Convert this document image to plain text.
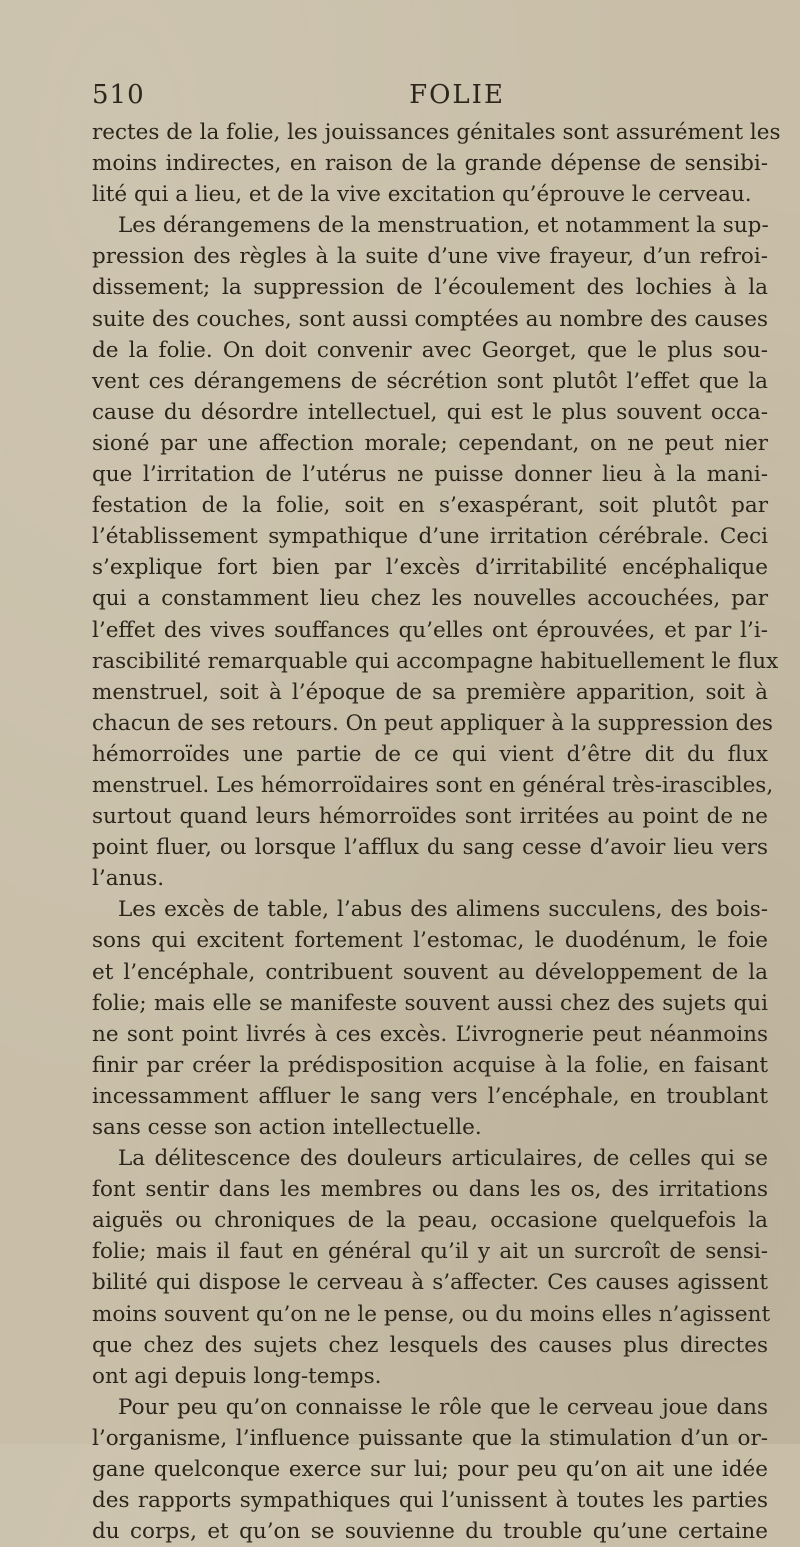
510	FOLIE
rectes de la folie, les jouissances génitales sont assurément les
moins indirectes, en raison de la grande dépense de sensibi-
lité qui a lieu, et de la vive excitation qu’éprouve le cerveau.
Les dérangemens de la menstruation, et notamment la sup-
pression des règles à la suite d’une vive frayeur, d’un refroi-
dissement; la suppression de l’écoulement des lochies à la
suite des couches, sont aussi comptées au nombre des causes
de la folie. On doit convenir avec Georget, que le plus sou-
vent ces dérangemens de sécrétion sont plutôt l’effet que la
cause du désordre intellectuel, qui est le plus souvent occa-
sioné par une affection morale; cependant, on ne peut nier
que l’irritation de l’utérus ne puisse donner lieu à la mani-
festation de la folie, soit en s’exaspérant, soit plutôt par
l’établissement sympathique d’une irritation cérébrale. Ceci
s’explique fort bien par l’excès d’irritabilité encéphalique
qui a constamment lieu chez les nouvelles accouchées, par
l’effet des vives souffances qu’elles ont éprouvées, et par l’i-
rascibilité remarquable qui accompagne habituellement le flux
menstruel, soit à l’époque de sa première apparition, soit à
chacun de ses retours. On peut appliquer à la suppression des
hémorroïdes une partie de ce qui vient d’être dit du flux
menstruel. Les hémorroïdaires sont en général très-irascibles,
surtout quand leurs hémorroïdes sont irritées au point de ne
point fluer, ou lorsque l’afflux du sang cesse d’avoir lieu vers
l’anus.
Les excès de table, l’abus des alimens succulens, des bois-
sons qui excitent fortement l’estomac, le duodénum, le foie
et l’encéphale, contribuent souvent au développement de la
folie; mais elle se manifeste souvent aussi chez des sujets qui
ne sont point livrés à ces excès. L’ivrognerie peut néanmoins
finir par créer la prédisposition acquise à la folie, en faisant
incessamment affluer le sang vers l’encéphale, en troublant
sans cesse son action intellectuelle.
La délitescence des douleurs articulaires, de celles qui se
font sentir dans les membres ou dans les os, des irritations
aiguës ou chroniques de la peau, occasione quelquefois la
folie; mais il faut en général qu’il y ait un surcroît de sensi-
bilité qui dispose le cerveau à s’affecter. Ces causes agissent
moins souvent qu’on ne le pense, ou du moins elles n’agissent
que chez des sujets chez lesquels des causes plus directes
ont agi depuis long-temps.
Pour peu qu’on connaisse le rôle que le cerveau joue dans
l’organisme, l’influence puissante que la stimulation d’un or-
gane quelconque exerce sur lui; pour peu qu’on ait une idée
des rapports sympathiques qui l’unissent à toutes les parties
du corps, et qu’on se souvienne du trouble qu’une certaine
